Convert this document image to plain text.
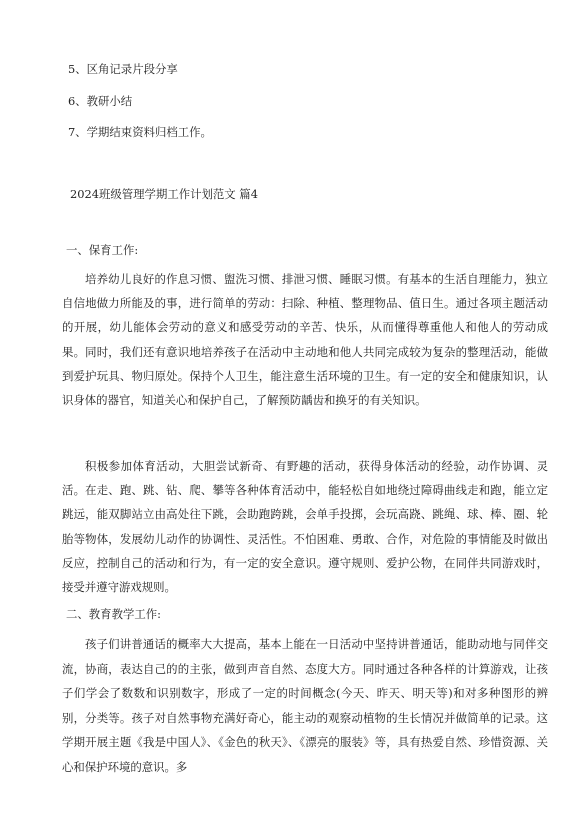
5、区角记录片段分享
6、教研小结
7、学期结束资料归档工作。
2024班级管理学期工作计划范文 篇4
一、保育工作:

培养幼儿良好的作息习惯、盥洗习惯、排泄习惯、睡眠习惯。有基本的生活自理能力，独立自信地做力所能及的事，进行简单的劳动：扫除、种植、整理物品、值日生。通过各项主题活动的开展，幼儿能体会劳动的意义和感受劳动的辛苦、快乐，从而懂得尊重他人和他人的劳动成果。同时，我们还有意识地培养孩子在活动中主动地和他人共同完成较为复杂的整理活动，能做到爱护玩具、物归原处。保持个人卫生，能注意生活环境的卫生。有一定的安全和健康知识，认识身体的器官，知道关心和保护自己，了解预防龋齿和换牙的有关知识。

积极参加体育活动，大胆尝试新奇、有野趣的活动，获得身体活动的经验，动作协调、灵活。在走、跑、跳、钻、爬、攀等各种体育活动中，能轻松自如地绕过障碍曲线走和跑，能立定跳远，能双脚站立由高处往下跳，会助跑跨跳，会单手投掷，会玩高跷、跳绳、球、棒、圈、轮胎等物体，发展幼儿动作的协调性、灵活性。不怕困难、勇敢、合作，对危险的事情能及时做出反应，控制自己的活动和行为，有一定的安全意识。遵守规则、爱护公物，在同伴共同游戏时，接受并遵守游戏规则。

二、教育教学工作:

孩子们讲普通话的概率大大提高，基本上能在一日活动中坚持讲普通话，能助动地与同伴交流，协商，表达自己的的主张，做到声音自然、态度大方。同时通过各种各样的计算游戏，让孩子们学会了数数和识别数字，形成了一定的时间概念(今天、昨天、明天等)和对多种图形的辨别，分类等。孩子对自然事物充满好奇心，能主动的观察动植物的生长情况并做简单的记录。这学期开展主题《我是中国人》、《金色的秋天》、《漂亮的服装》等，具有热爱自然、珍惜资源、关心和保护环境的意识。多
